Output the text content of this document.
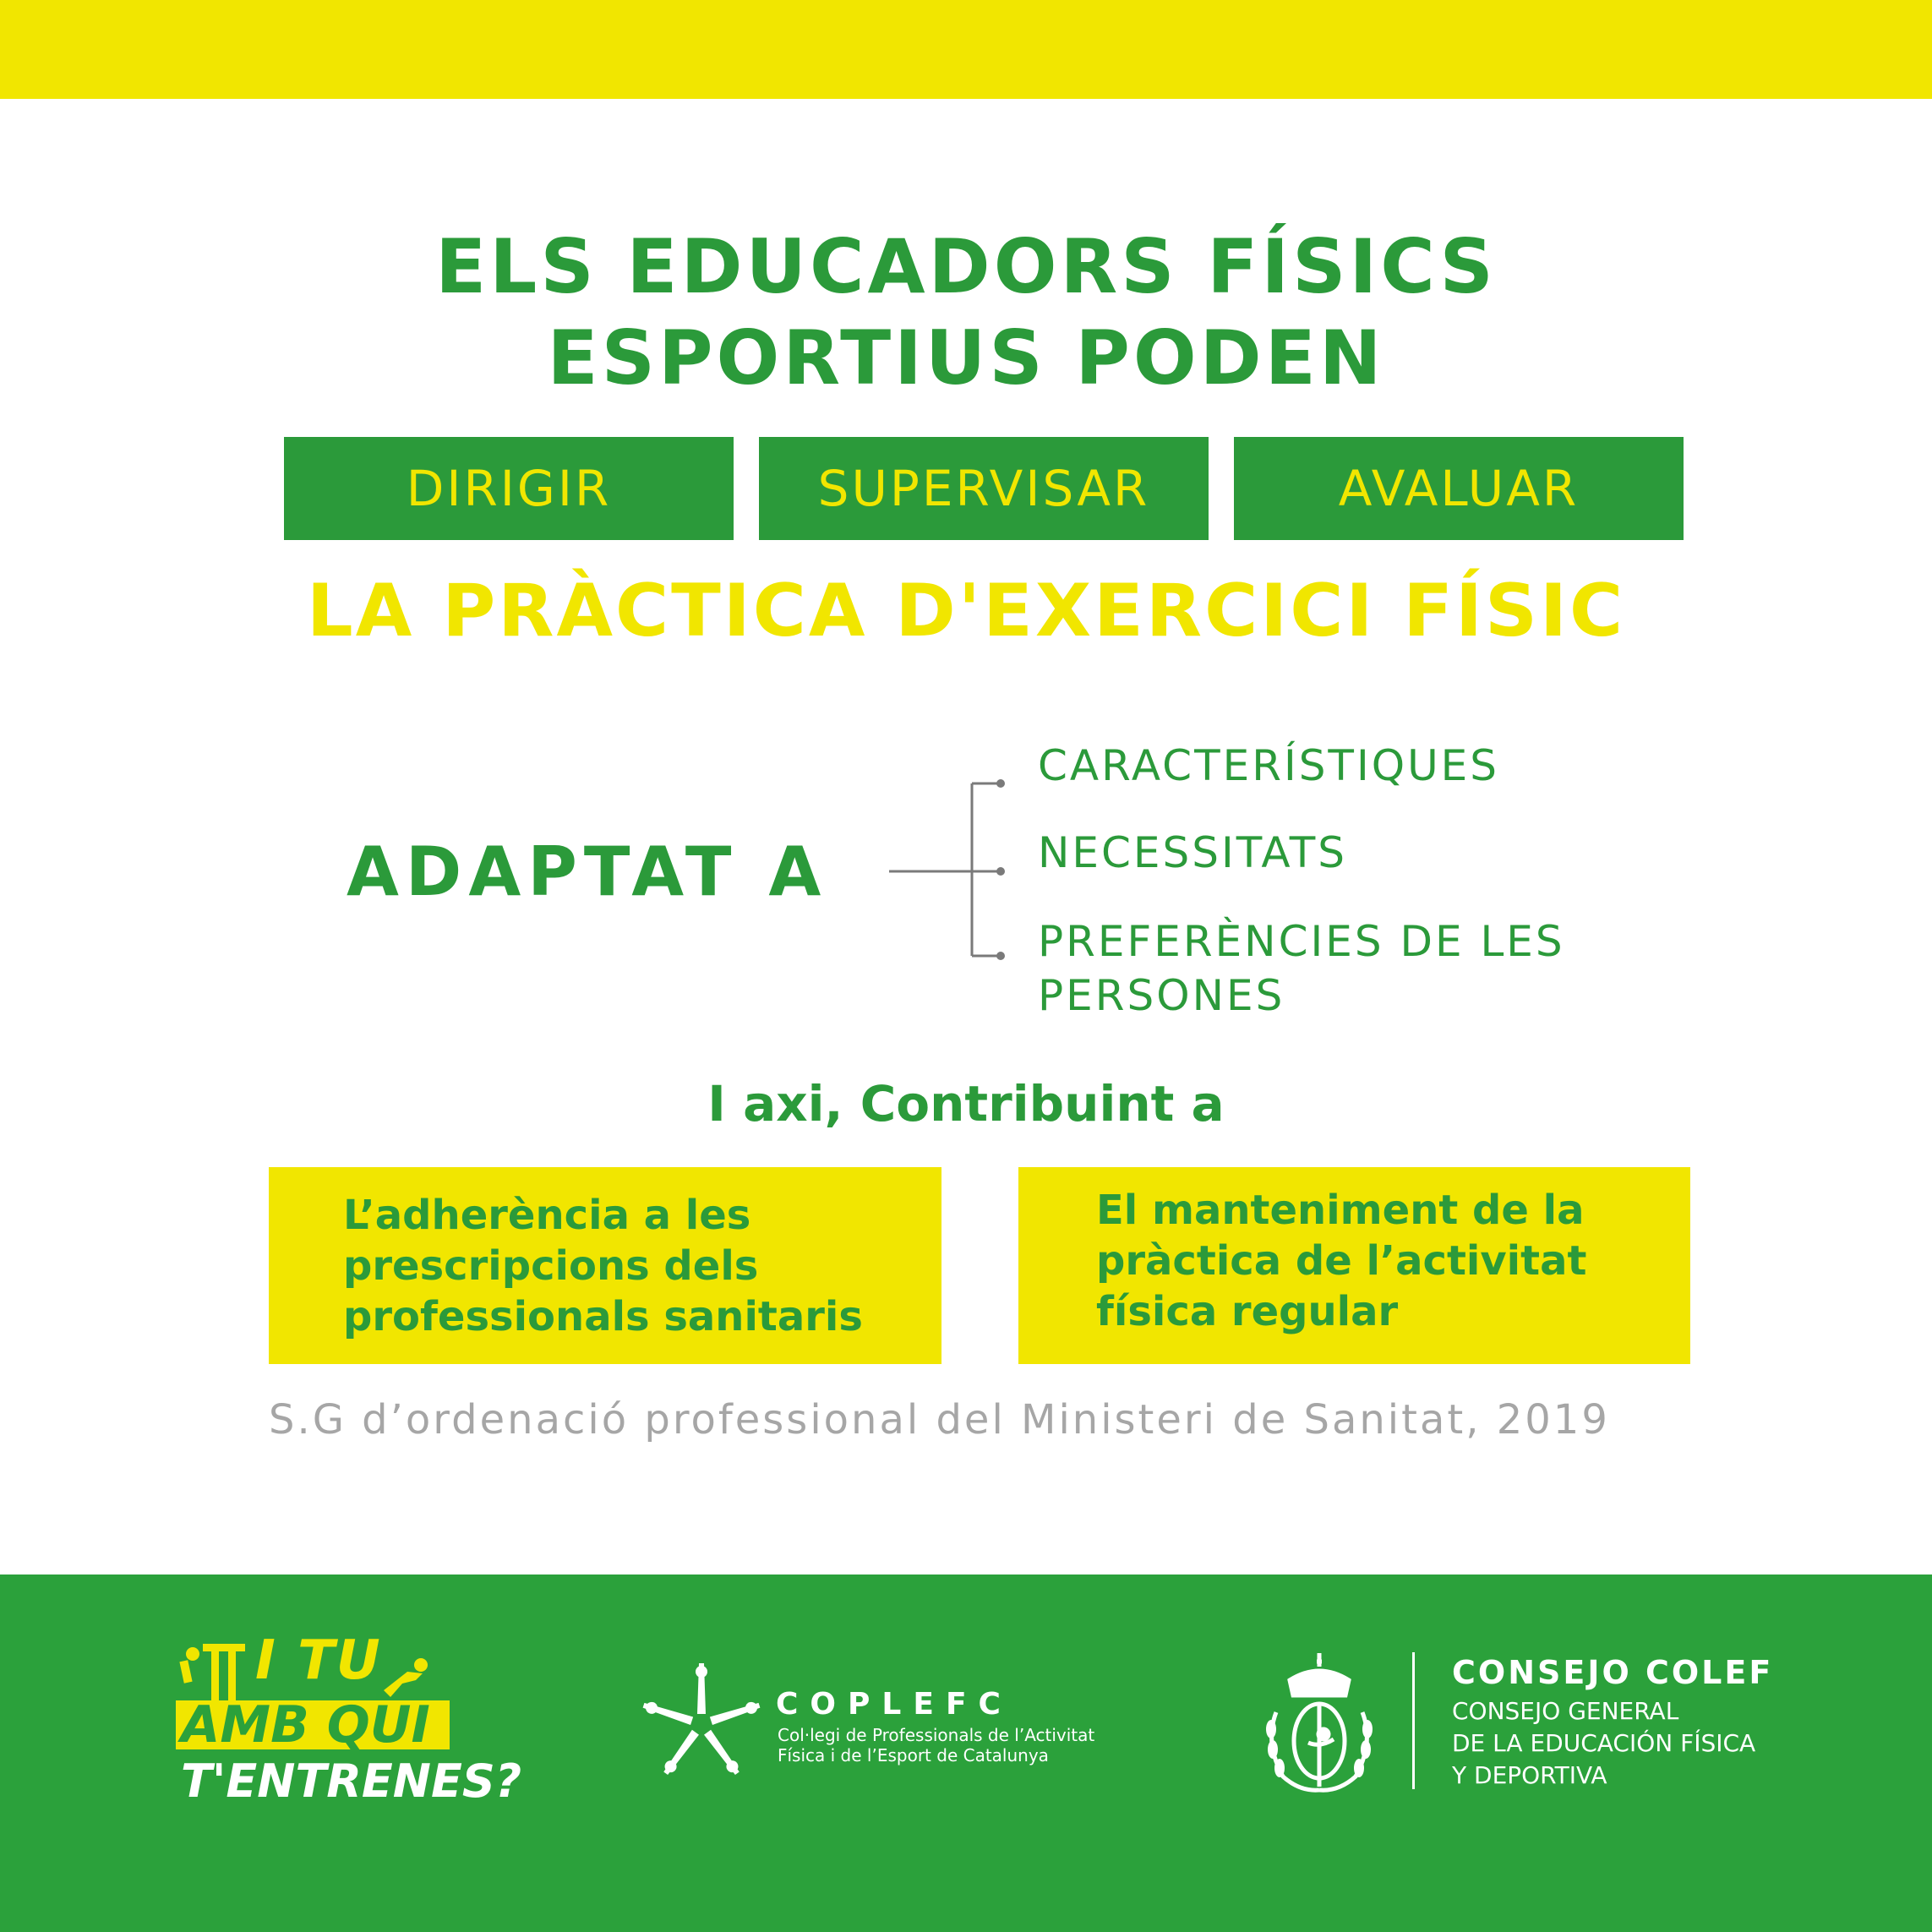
ELS EDUCADORS FÍSICS
ESPORTIUS PODEN
DIRIGIR	SUPERVISAR	AVALUAR
LA PRÀCTICA D'EXERCICI FÍSIC
ADAPTAT A
CARACTERÍSTIQUES
NECESSITATS
PREFERÈNCIES DE LES
PERSONES
I axi, Contribuint a
L’adherència a les
prescripcions dels
professionals sanitaris
El manteniment de la
pràctica de l’activitat
física regular
S.G d’ordenació professional del Ministeri de Sanitat, 2019
I TU
AMB QUI
T'ENTRENES?
COPLEFC
Col·legi de Professionals de l’Activitat
Física i de l’Esport de Catalunya
CONSEJO COLEF
CONSEJO GENERAL
DE LA EDUCACIÓN FÍSICA
Y DEPORTIVA
